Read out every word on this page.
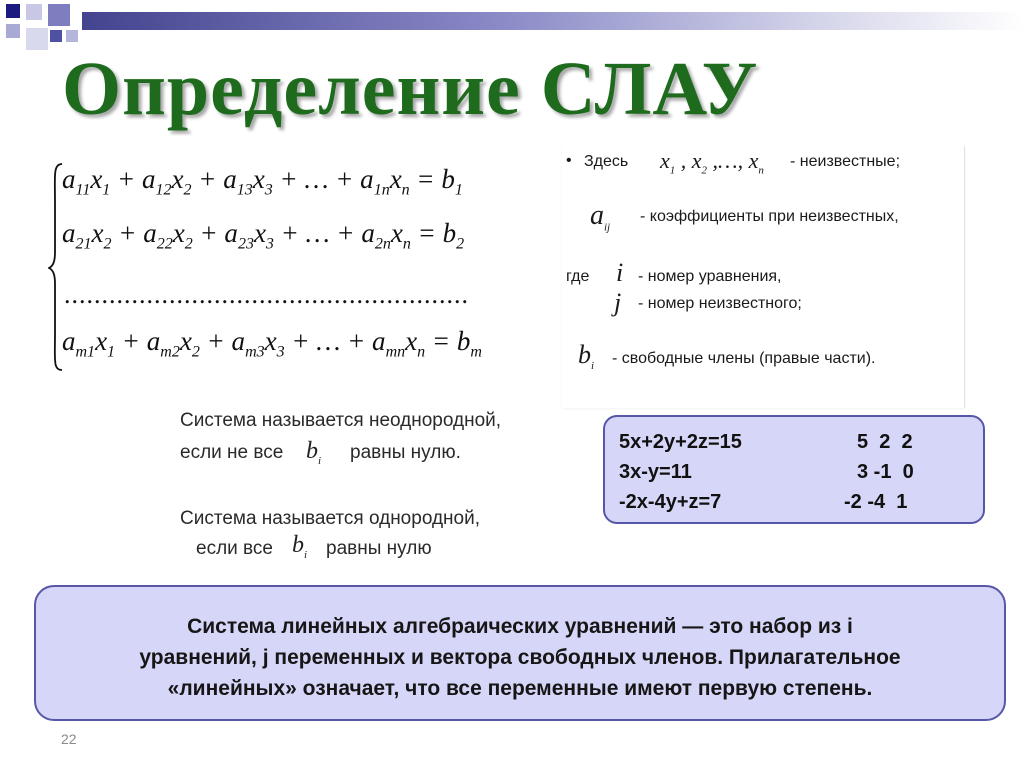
Определение СЛАУ
$a_{11}x_1 + a_{12}x_2 + a_{13}x_3$ + … + $a_{1n}x_n = b_1$
$a_{21}x_2 + a_{22}x_2 + a_{23}x_3$ + … + $a_{2n}x_n = b_2$
......................................................
$a_{m1}x_1 + a_{m2}x_2 + a_{m3}x_3$ + … + $a_{mn}x_n = b_m$
• Здесь $x_1$ , $x_2$ ,…, $x_n$
- неизвестные;
$a_{ij}$
- коэффициенты при неизвестных,
где i - номер уравнения,
j - номер неизвестного;
$b_i$ - свободные члены (правые части).
Система называется неоднородной,
если не все $b_i$ равны нулю.
Система называется однородной,
если все $b_i$ равны нулю
5x+2y+2z=15	5  2  2
3x-y=11	3 -1  0
-2x-4y+z=7	-2 -4  1
Система линейных алгебраических уравнений — это набор из i
уравнений, j переменных и вектора свободных членов. Прилагательное
«линейных» означает, что все переменные имеют первую степень.
22
